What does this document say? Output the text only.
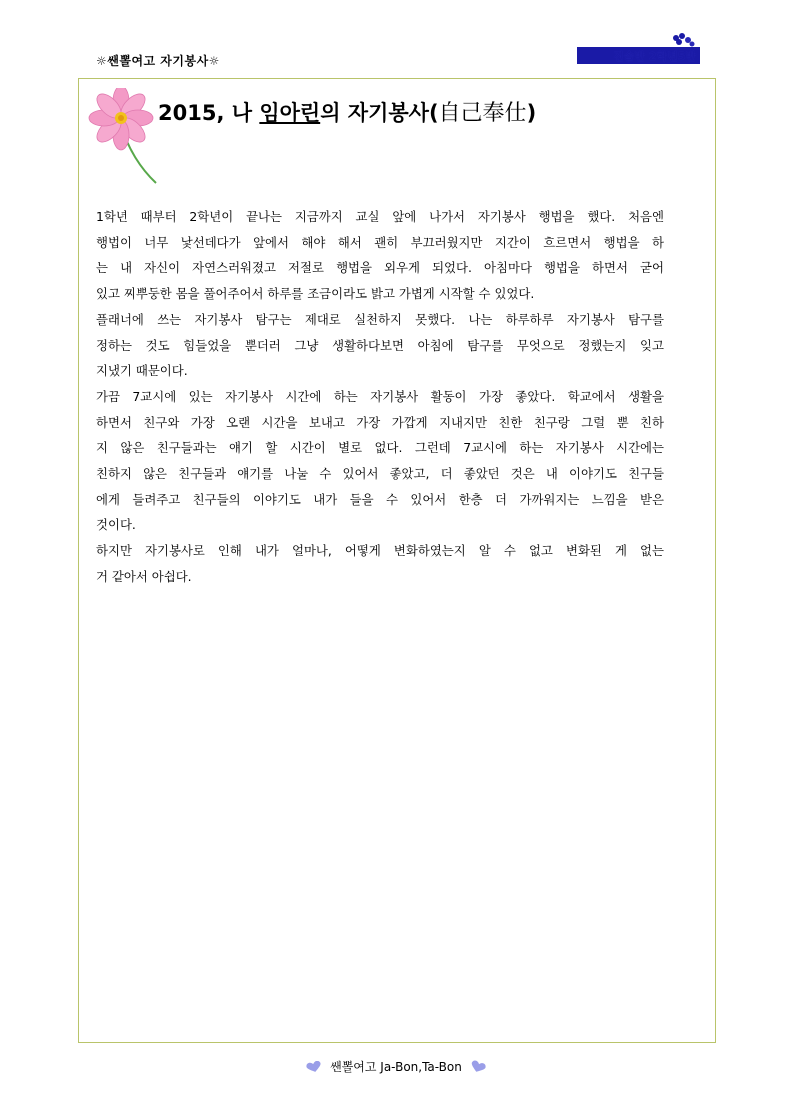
☼쌘뽈여고 자기봉사☼	진솔반 2학년5반
2015, 나 임아린의 자기봉사(自己奉仕)
1학년 때부터 2학년이 끝나는 지금까지 교실 앞에 나가서 자기봉사 행법을 했다. 처음엔
행법이 너무 낯선데다가 앞에서 해야 해서 괜히 부끄러웠지만 지간이 흐르면서 행법을 하
는 내 자신이 자연스러워졌고 저절로 행법을 외우게 되었다. 아침마다 행법을 하면서 굳어
있고 찌뿌둥한 몸을 풀어주어서 하루를 조금이라도 밝고 가볍게 시작할 수 있었다.
플래너에 쓰는 자기봉사 탐구는 제대로 실천하지 못했다. 나는 하루하루 자기봉사 탐구를
정하는 것도 힘들었을 뿐더러 그냥 생활하다보면 아침에 탐구를 무엇으로 정했는지 잊고
지냈기 때문이다.
가끔 7교시에 있는 자기봉사 시간에 하는 자기봉사 활동이 가장 좋았다. 학교에서 생활을
하면서 친구와 가장 오랜 시간을 보내고 가장 가깝게 지내지만 친한 친구랑 그럴 뿐 친하
지 않은 친구들과는 얘기 할 시간이 별로 없다. 그런데 7교시에 하는 자기봉사 시간에는
친하지 않은 친구들과 얘기를 나눌 수 있어서 좋았고, 더 좋았던 것은 내 이야기도 친구들
에게 들려주고 친구들의 이야기도 내가 들을 수 있어서 한층 더 가까워지는 느낌을 받은
것이다.
하지만 자기봉사로 인해 내가 얼마나, 어떻게 변화하였는지 알 수 없고 변화된 게 없는
거 같아서 아쉽다.
쌘뽈여고 Ja-Bon,Ta-Bon
